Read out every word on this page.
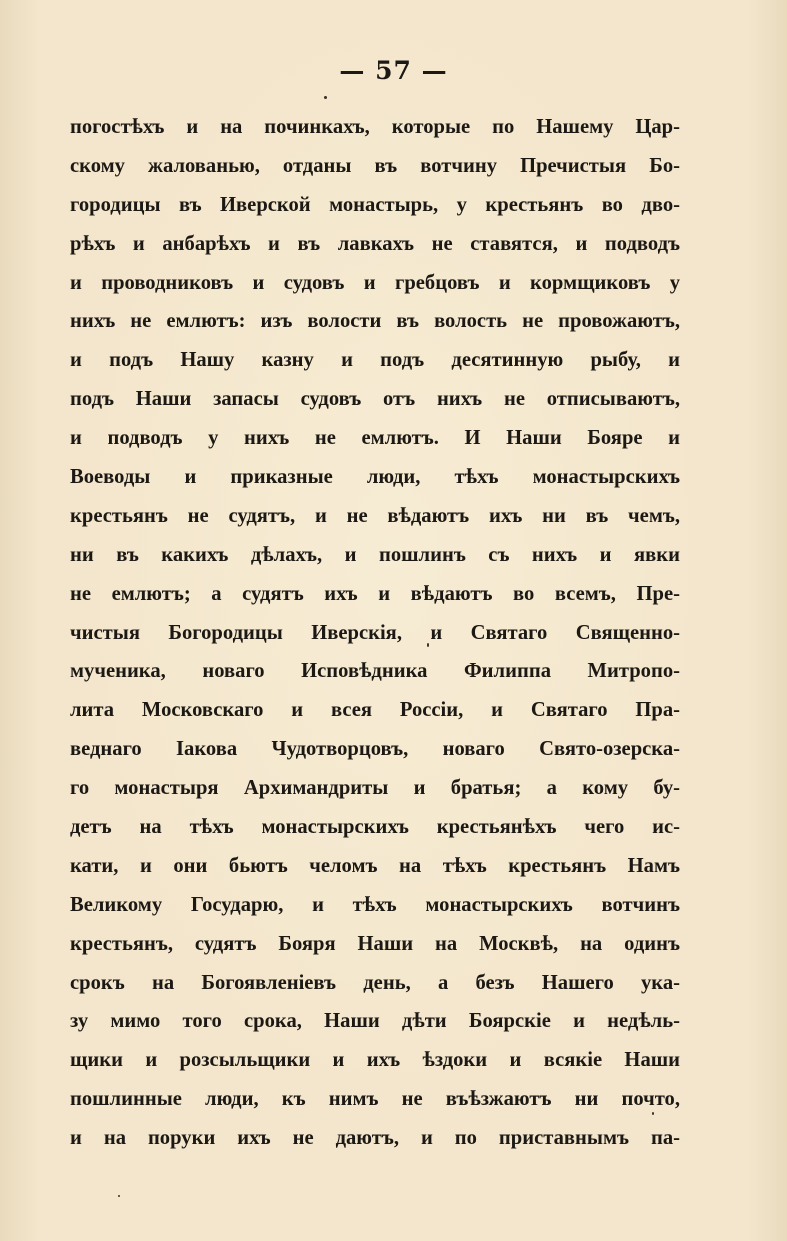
— 57 —
погостѣхъ и на починкахъ, которые по Нашему Цар-
скому жалованью, отданы въ вотчину Пречистыя Бо-
городицы въ Иверской монастырь, у крестьянъ во дво-
рѣхъ и анбарѣхъ и въ лавкахъ не ставятся, и подводъ
и проводниковъ и судовъ и гребцовъ и кормщиковъ у
нихъ не емлютъ: изъ волости въ волость не провожаютъ,
и подъ Нашу казну и подъ десятинную рыбу, и
подъ Наши запасы судовъ отъ нихъ не отписываютъ,
и подводъ у нихъ не емлютъ. И Наши Бояре и
Воеводы и приказные люди, тѣхъ монастырскихъ
крестьянъ не судятъ, и не вѣдаютъ ихъ ни въ чемъ,
ни въ какихъ дѣлахъ, и пошлинъ съ нихъ и явки
не емлютъ; а судятъ ихъ и вѣдаютъ во всемъ, Пре-
чистыя Богородицы Иверскія, и Святаго Священно-
мученика, новаго Исповѣдника Филиппа Митропо-
лита Московскаго и всея Россіи, и Святаго Пра-
веднаго Іакова Чудотворцовъ, новаго Свято-озерска-
го монастыря Архимандриты и братья; а кому бу-
детъ на тѣхъ монастырскихъ крестьянѣхъ чего ис-
кати, и они бьютъ челомъ на тѣхъ крестьянъ Намъ
Великому Государю, и тѣхъ монастырскихъ вотчинъ
крестьянъ, судятъ Бояря Наши на Москвѣ, на одинъ
срокъ на Богоявленіевъ день, а безъ Нашего ука-
зу мимо того срока, Наши дѣти Боярскіе и недѣль-
щики и розсыльщики и ихъ ѣздоки и всякіе Наши
пошлинные люди, къ нимъ не въѣзжаютъ ни почто,
и на поруки ихъ не даютъ, и по приставнымъ па-
